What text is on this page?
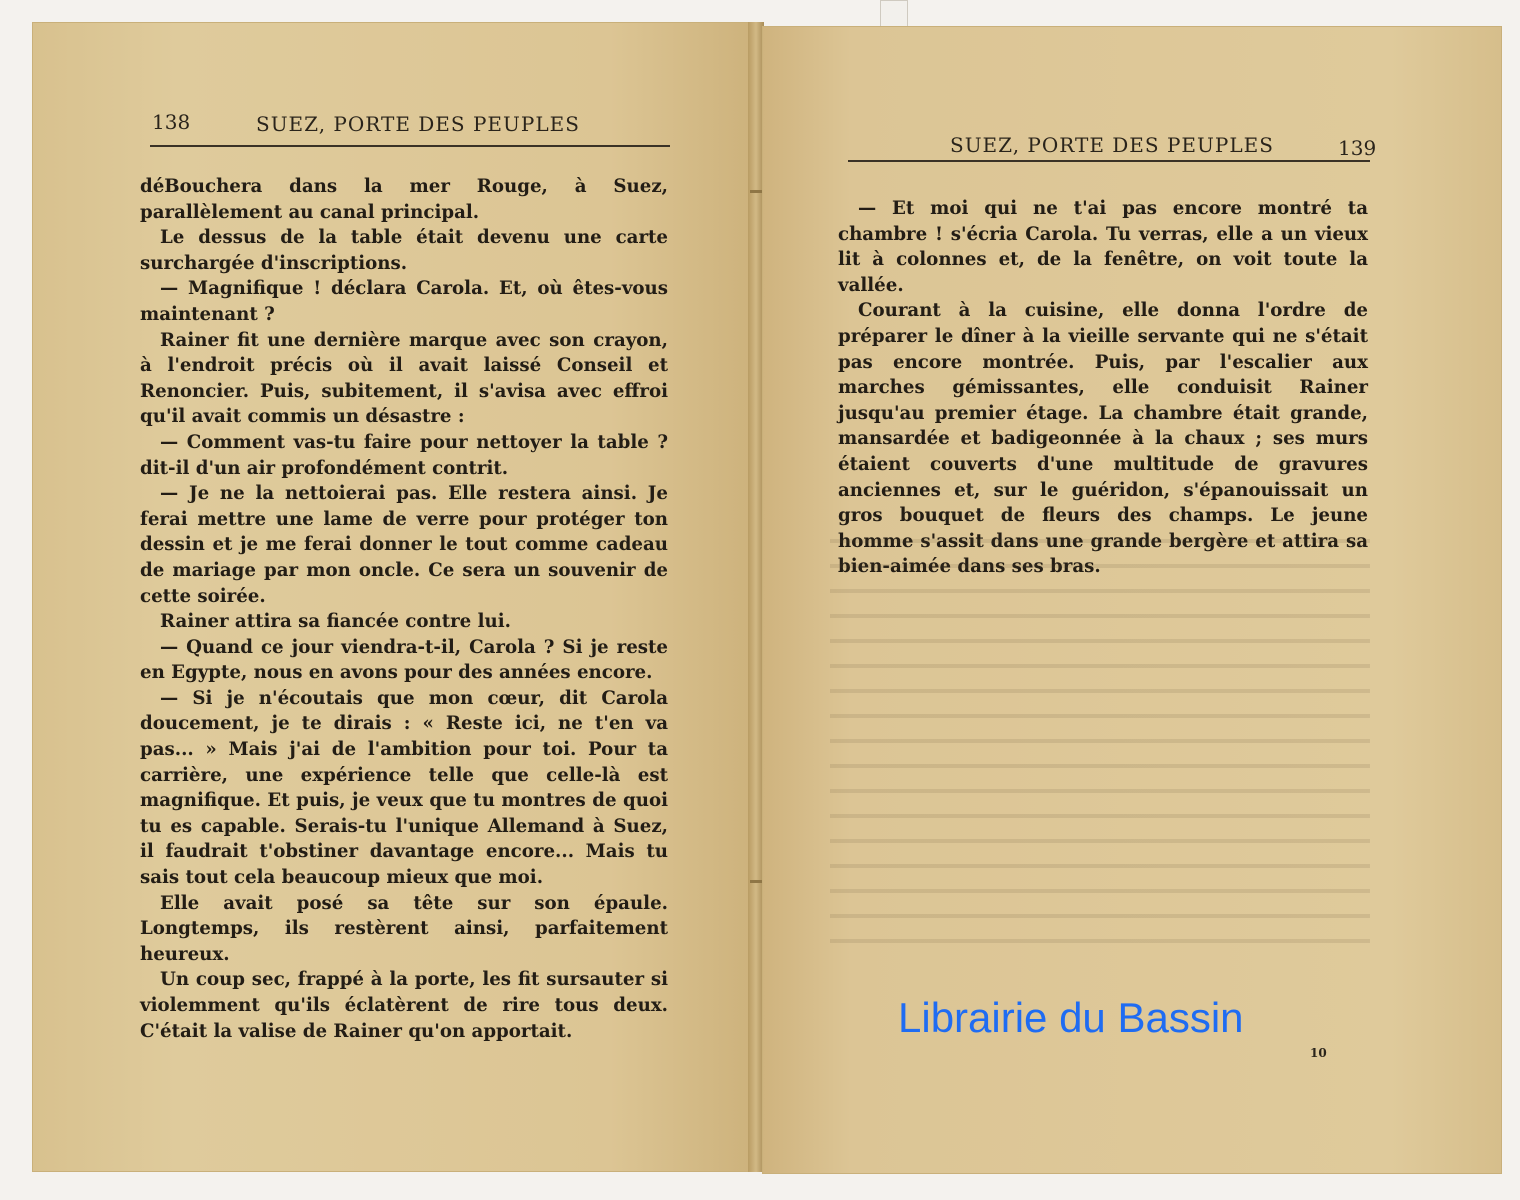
138	SUEZ, PORTE DES PEUPLES

déBouchera dans la mer Rouge, à Suez, parallèlement au canal principal.

Le dessus de la table était devenu une carte surchargée d'inscriptions.

— Magnifique ! déclara Carola. Et, où êtes-vous maintenant ?

Rainer fit une dernière marque avec son crayon, à l'endroit précis où il avait laissé Conseil et Renoncier. Puis, subitement, il s'avisa avec effroi qu'il avait commis un désastre :

— Comment vas-tu faire pour nettoyer la table ? dit-il d'un air profondément contrit.

— Je ne la nettoierai pas. Elle restera ainsi. Je ferai mettre une lame de verre pour protéger ton dessin et je me ferai donner le tout comme cadeau de mariage par mon oncle. Ce sera un souvenir de cette soirée.

Rainer attira sa fiancée contre lui.

— Quand ce jour viendra-t-il, Carola ? Si je reste en Egypte, nous en avons pour des années encore.

— Si je n'écoutais que mon cœur, dit Carola doucement, je te dirais : « Reste ici, ne t'en va pas... » Mais j'ai de l'ambition pour toi. Pour ta carrière, une expérience telle que celle-là est magnifique. Et puis, je veux que tu montres de quoi tu es capable. Serais-tu l'unique Allemand à Suez, il faudrait t'obstiner davantage encore... Mais tu sais tout cela beaucoup mieux que moi.

Elle avait posé sa tête sur son épaule. Longtemps, ils restèrent ainsi, parfaitement heureux.

Un coup sec, frappé à la porte, les fit sursauter si violemment qu'ils éclatèrent de rire tous deux. C'était la valise de Rainer qu'on apportait.

SUEZ, PORTE DES PEUPLES	139

— Et moi qui ne t'ai pas encore montré ta chambre ! s'écria Carola. Tu verras, elle a un vieux lit à colonnes et, de la fenêtre, on voit toute la vallée.

Courant à la cuisine, elle donna l'ordre de préparer le dîner à la vieille servante qui ne s'était pas encore montrée. Puis, par l'escalier aux marches gémissantes, elle conduisit Rainer jusqu'au premier étage. La chambre était grande, mansardée et badigeonnée à la chaux ; ses murs étaient couverts d'une multitude de gravures anciennes et, sur le guéridon, s'épanouissait un gros bouquet de fleurs des champs. Le jeune homme s'assit dans une grande bergère et attira sa bien-aimée dans ses bras.

10
Librairie du Bassin
